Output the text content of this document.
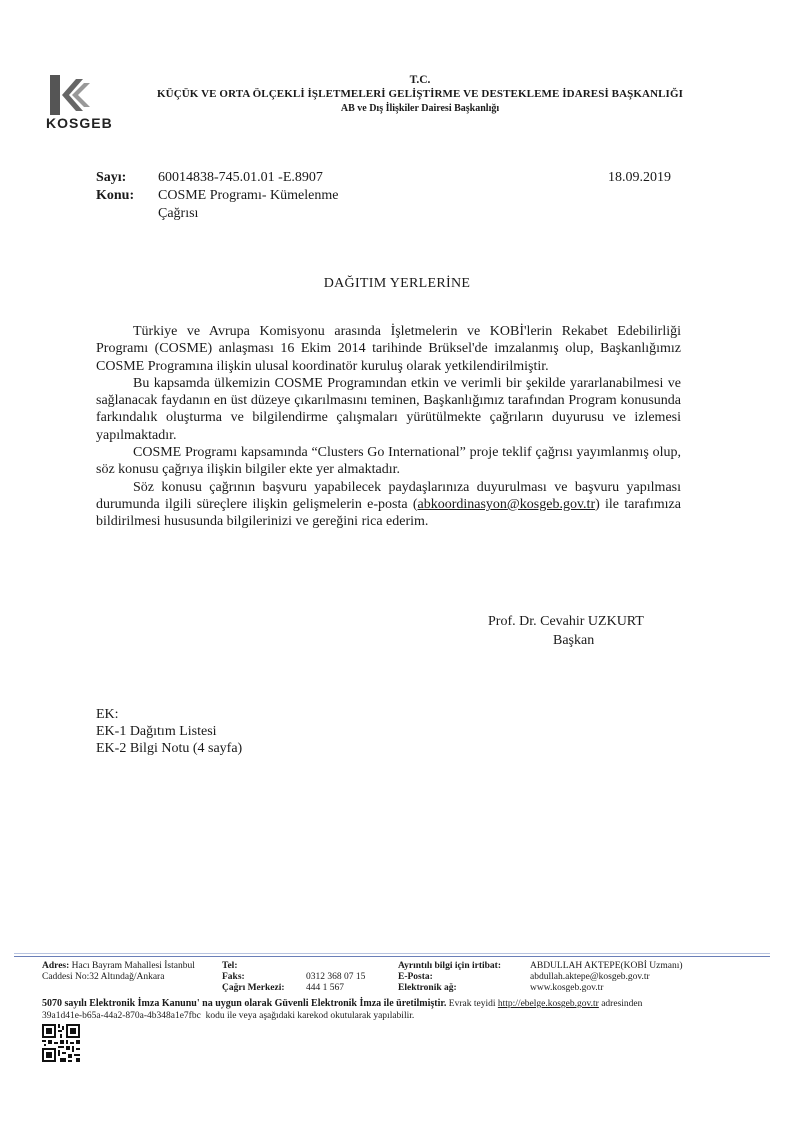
KOSGEB
T.C.
KÜÇÜK VE ORTA ÖLÇEKLİ İŞLETMELERİ GELİŞTİRME VE DESTEKLEME İDARESİ BAŞKANLIĞI
AB ve Dış İlişkiler Dairesi Başkanlığı
Sayı: 60014838-745.01.01 -E.8907	18.09.2019
Konu: COSME Programı- Kümelenme
Çağrısı
DAĞITIM YERLERİNE

Türkiye ve Avrupa Komisyonu arasında İşletmelerin ve KOBİ'lerin Rekabet Edebilirliği Programı (COSME) anlaşması 16 Ekim 2014 tarihinde Brüksel'de imzalanmış olup, Başkanlığımız COSME Programına ilişkin ulusal koordinatör kuruluş olarak yetkilendirilmiştir.

Bu kapsamda ülkemizin COSME Programından etkin ve verimli bir şekilde yararlanabilmesi ve sağlanacak faydanın en üst düzeye çıkarılmasını teminen, Başkanlığımız tarafından Program konusunda farkındalık oluşturma ve bilgilendirme çalışmaları yürütülmekte çağrıların duyurusu ve izlemesi yapılmaktadır.

COSME Programı kapsamında “Clusters Go International” proje teklif çağrısı yayımlanmış olup, söz konusu çağrıya ilişkin bilgiler ekte yer almaktadır.

Söz konusu çağrının başvuru yapabilecek paydaşlarınıza duyurulması ve başvuru yapılması durumunda ilgili süreçlere ilişkin gelişmelerin e-posta (abkoordinasyon@kosgeb.gov.tr) ile tarafımıza bildirilmesi hususunda bilgilerinizi ve gereğini rica ederim.

Prof. Dr. Cevahir UZKURT
Başkan
EK:
EK-1 Dağıtım Listesi
EK-2 Bilgi Notu (4 sayfa)
Adres: Hacı Bayram Mahallesi İstanbul
Caddesi No:32 Altındağ/Ankara
Tel:
Faks:
Çağrı Merkezi:
0312 368 07 15
444 1 567
Ayrıntılı bilgi için irtibat:
E-Posta:
Elektronik ağ:
ABDULLAH AKTEPE(KOBİ Uzmanı)
abdullah.aktepe@kosgeb.gov.tr
www.kosgeb.gov.tr
5070 sayılı Elektronik İmza Kanunu' na uygun olarak Güvenli Elektronik İmza ile üretilmiştir. Evrak teyidi http://ebelge.kosgeb.gov.tr adresinden
39a1d41e-b65a-44a2-870a-4b348a1e7fbc kodu ile veya aşağıdaki karekod okutularak yapılabilir.
